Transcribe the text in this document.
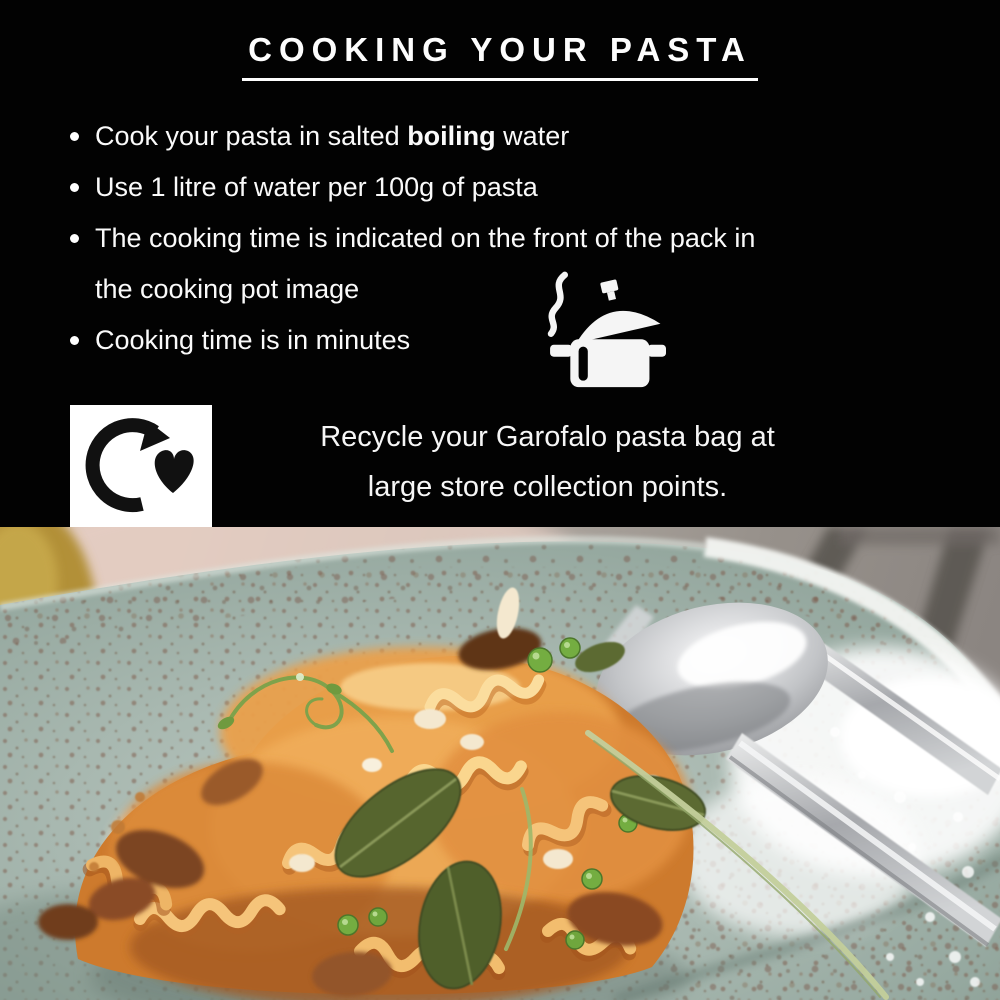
COOKING YOUR PASTA
Cook your pasta in salted boiling water
Use 1 litre of water per 100g of pasta
The cooking time is indicated on the front of the pack in
the cooking pot image
Cooking time is in minutes

Recycle your Garofalo pasta bag at
large store collection points.
